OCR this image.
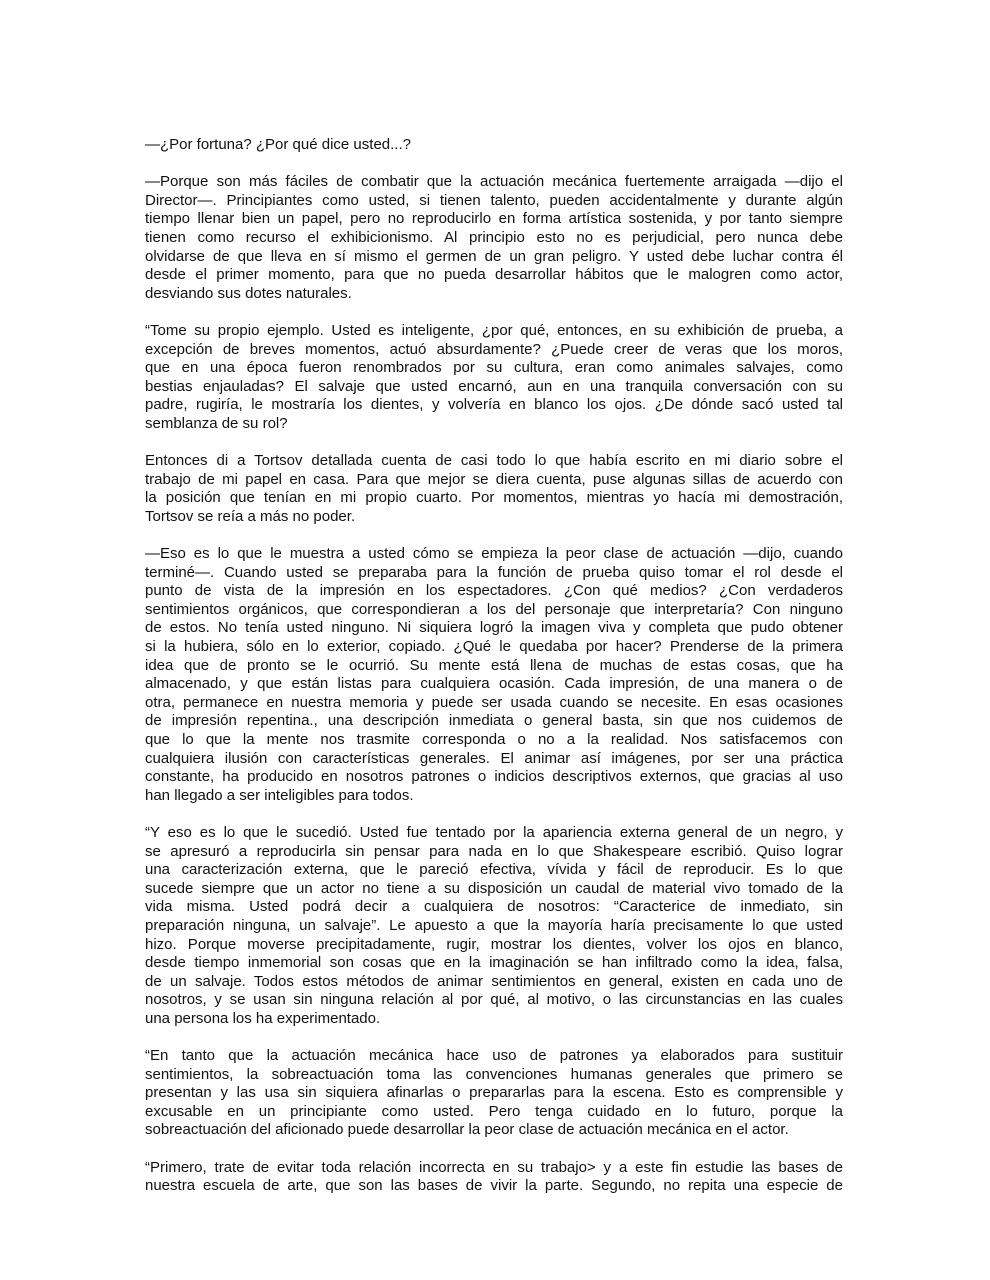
—¿Por fortuna? ¿Por qué dice usted...?
—Porque son más fáciles de combatir que la actuación mecánica fuertemente arraigada —dijo el
Director—. Principiantes como usted, si tienen talento, pueden accidentalmente y durante algún
tiempo llenar bien un papel, pero no reproducirlo en forma artística sostenida, y por tanto siempre
tienen como recurso el exhibicionismo. Al principio esto no es perjudicial, pero nunca debe
olvidarse de que lleva en sí mismo el germen de un gran peligro. Y usted debe luchar contra él
desde el primer momento, para que no pueda desarrollar hábitos que le malogren como actor,
desviando sus dotes naturales.
“Tome su propio ejemplo. Usted es inteligente, ¿por qué, entonces, en su exhibición de prueba, a
excepción de breves momentos, actuó absurdamente? ¿Puede creer de veras que los moros,
que en una época fueron renombrados por su cultura, eran como animales salvajes, como
bestias enjauladas? El salvaje que usted encarnó, aun en una tranquila conversación con su
padre, rugiría, le mostraría los dientes, y volvería en blanco los ojos. ¿De dónde sacó usted tal
semblanza de su rol?
Entonces di a Tortsov detallada cuenta de casi todo lo que había escrito en mi diario sobre el
trabajo de mi papel en casa. Para que mejor se diera cuenta, puse algunas sillas de acuerdo con
la posición que tenían en mi propio cuarto. Por momentos, mientras yo hacía mi demostración,
Tortsov se reía a más no poder.
—Eso es lo que le muestra a usted cómo se empieza la peor clase de actuación —dijo, cuando
terminé—. Cuando usted se preparaba para la función de prueba quiso tomar el rol desde el
punto de vista de la impresión en los espectadores. ¿Con qué medios? ¿Con verdaderos
sentimientos orgánicos, que correspondieran a los del personaje que interpretaría? Con ninguno
de estos. No tenía usted ninguno. Ni siquiera logró la imagen viva y completa que pudo obtener
si la hubiera, sólo en lo exterior, copiado. ¿Qué le quedaba por hacer? Prenderse de la primera
idea que de pronto se le ocurrió. Su mente está llena de muchas de estas cosas, que ha
almacenado, y que están listas para cualquiera ocasión. Cada impresión, de una manera o de
otra, permanece en nuestra memoria y puede ser usada cuando se necesite. En esas ocasiones
de impresión repentina., una descripción inmediata o general basta, sin que nos cuidemos de
que lo que la mente nos trasmite corresponda o no a la realidad. Nos satisfacemos con
cualquiera ilusión con características generales. El animar así imágenes, por ser una práctica
constante, ha producido en nosotros patrones o indicios descriptivos externos, que gracias al uso
han llegado a ser inteligibles para todos.
“Y eso es lo que le sucedió. Usted fue tentado por la apariencia externa general de un negro, y
se apresuró a reproducirla sin pensar para nada en lo que Shakespeare escribió. Quiso lograr
una caracterización externa, que le pareció efectiva, vívida y fácil de reproducir. Es lo que
sucede siempre que un actor no tiene a su disposición un caudal de material vivo tomado de la
vida misma. Usted podrá decir a cualquiera de nosotros: “Caracterice de inmediato, sin
preparación ninguna, un salvaje”. Le apuesto a que la mayoría haría precisamente lo que usted
hizo. Porque moverse precipitadamente, rugir, mostrar los dientes, volver los ojos en blanco,
desde tiempo inmemorial son cosas que en la imaginación se han infiltrado como la idea, falsa,
de un salvaje. Todos estos métodos de animar sentimientos en general, existen en cada uno de
nosotros, y se usan sin ninguna relación al por qué, al motivo, o las circunstancias en las cuales
una persona los ha experimentado.
“En tanto que la actuación mecánica hace uso de patrones ya elaborados para sustituir
sentimientos, la sobreactuación toma las convenciones humanas generales que primero se
presentan y las usa sin siquiera afinarlas o prepararlas para la escena. Esto es comprensible y
excusable en un principiante como usted. Pero tenga cuidado en lo futuro, porque la
sobreactuación del aficionado puede desarrollar la peor clase de actuación mecánica en el actor.
“Primero, trate de evitar toda relación incorrecta en su trabajo> y a este fin estudie las bases de
nuestra escuela de arte, que son las bases de vivir la parte. Segundo, no repita una especie de
